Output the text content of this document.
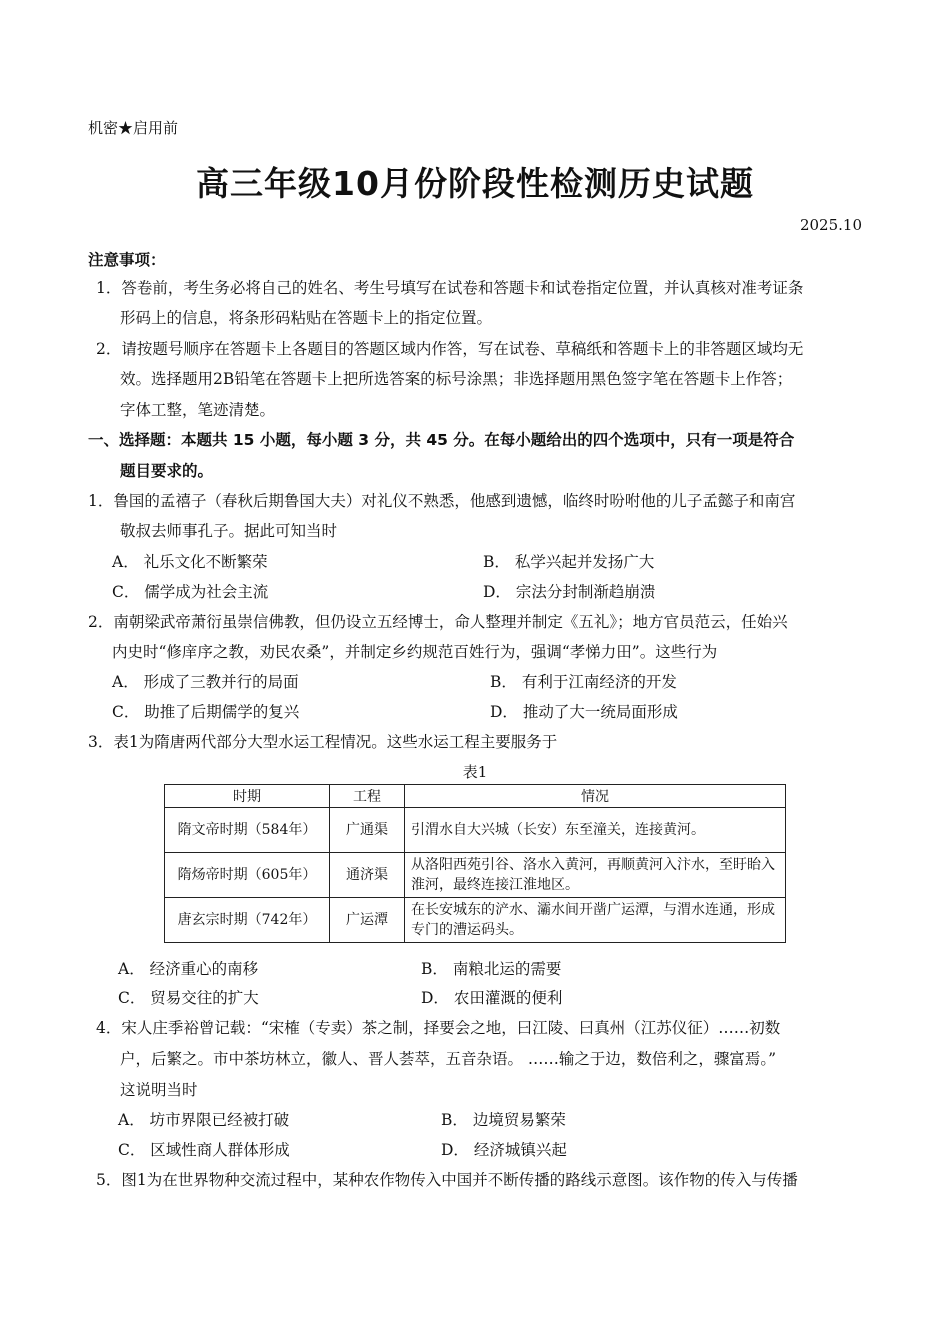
机密★启用前
高三年级10月份阶段性检测历史试题
2025.10
注意事项：
1．答卷前，考生务必将自己的姓名、考生号填写在试卷和答题卡和试卷指定位置，并认真核对准考证条
形码上的信息，将条形码粘贴在答题卡上的指定位置。
2．请按题号顺序在答题卡上各题目的答题区域内作答，写在试卷、草稿纸和答题卡上的非答题区域均无
效。选择题用2B铅笔在答题卡上把所选答案的标号涂黑；非选择题用黑色签字笔在答题卡上作答；
字体工整，笔迹清楚。
一、选择题：本题共 15 小题，每小题 3 分，共 45 分。在每小题给出的四个选项中，只有一项是符合
题目要求的。
1．鲁国的孟禧子（春秋后期鲁国大夫）对礼仪不熟悉，他感到遗憾，临终时吩咐他的儿子孟懿子和南宫
敬叔去师事孔子。据此可知当时
A． 礼乐文化不断繁荣	B． 私学兴起并发扬广大
C． 儒学成为社会主流	D． 宗法分封制渐趋崩溃
2．南朝梁武帝萧衍虽崇信佛教，但仍设立五经博士，命人整理并制定《五礼》；地方官员范云，任始兴
内史时“修庠序之教，劝民农桑”，并制定乡约规范百姓行为，强调“孝悌力田”。这些行为
A． 形成了三教并行的局面	B． 有利于江南经济的开发
C． 助推了后期儒学的复兴	D． 推动了大一统局面形成
3．表1为隋唐两代部分大型水运工程情况。这些水运工程主要服务于
表1
时期	工程	情况
隋文帝时期（584年）	广通渠	引渭水自大兴城（长安）东至潼关，连接黄河。
隋炀帝时期（605年）	通济渠	从洛阳西苑引谷、洛水入黄河，再顺黄河入汴水，至盱眙入淮河，最终连接江淮地区。
唐玄宗时期（742年）	广运潭	在长安城东的浐水、灞水间开凿广运潭，与渭水连通，形成专门的漕运码头。
A． 经济重心的南移	B． 南粮北运的需要
C． 贸易交往的扩大	D． 农田灌溉的便利
4．宋人庄季裕曾记载：“宋榷（专卖）茶之制，择要会之地，曰江陵、曰真州（江苏仪征）……初数
户，后繁之。市中茶坊林立，徽人、晋人荟萃，五音杂语。 ……输之于边，数倍利之，骤富焉。”
这说明当时
A． 坊市界限已经被打破	B． 边境贸易繁荣
C． 区域性商人群体形成	D． 经济城镇兴起
5．图1为在世界物种交流过程中，某种农作物传入中国并不断传播的路线示意图。该作物的传入与传播
